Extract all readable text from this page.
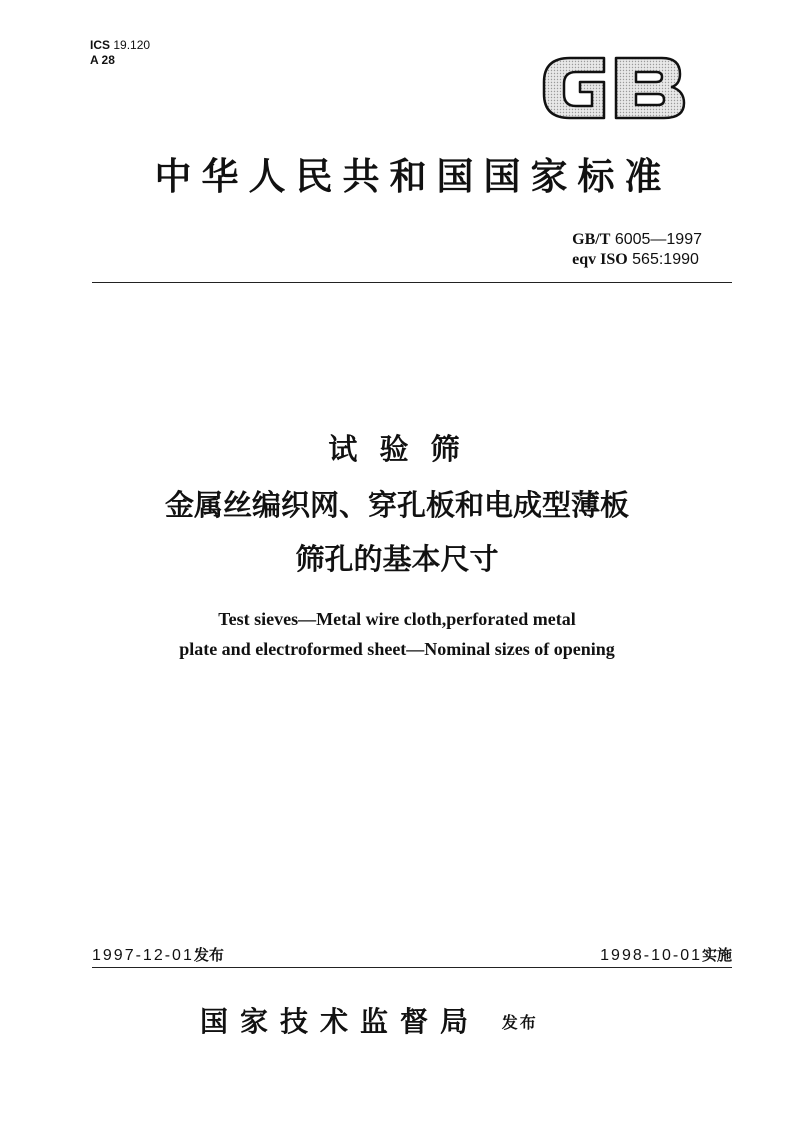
ICS 19.120
A 28
中华人民共和国国家标准
GB/T 6005—1997
eqv ISO 565:1990
试 验 筛
金属丝编织网、穿孔板和电成型薄板
筛孔的基本尺寸
Test sieves—Metal wire cloth,perforated metal
plate and electroformed sheet—Nominal sizes of opening
1997-12-01发布	1998-10-01实施
国家技术监督局 发布
